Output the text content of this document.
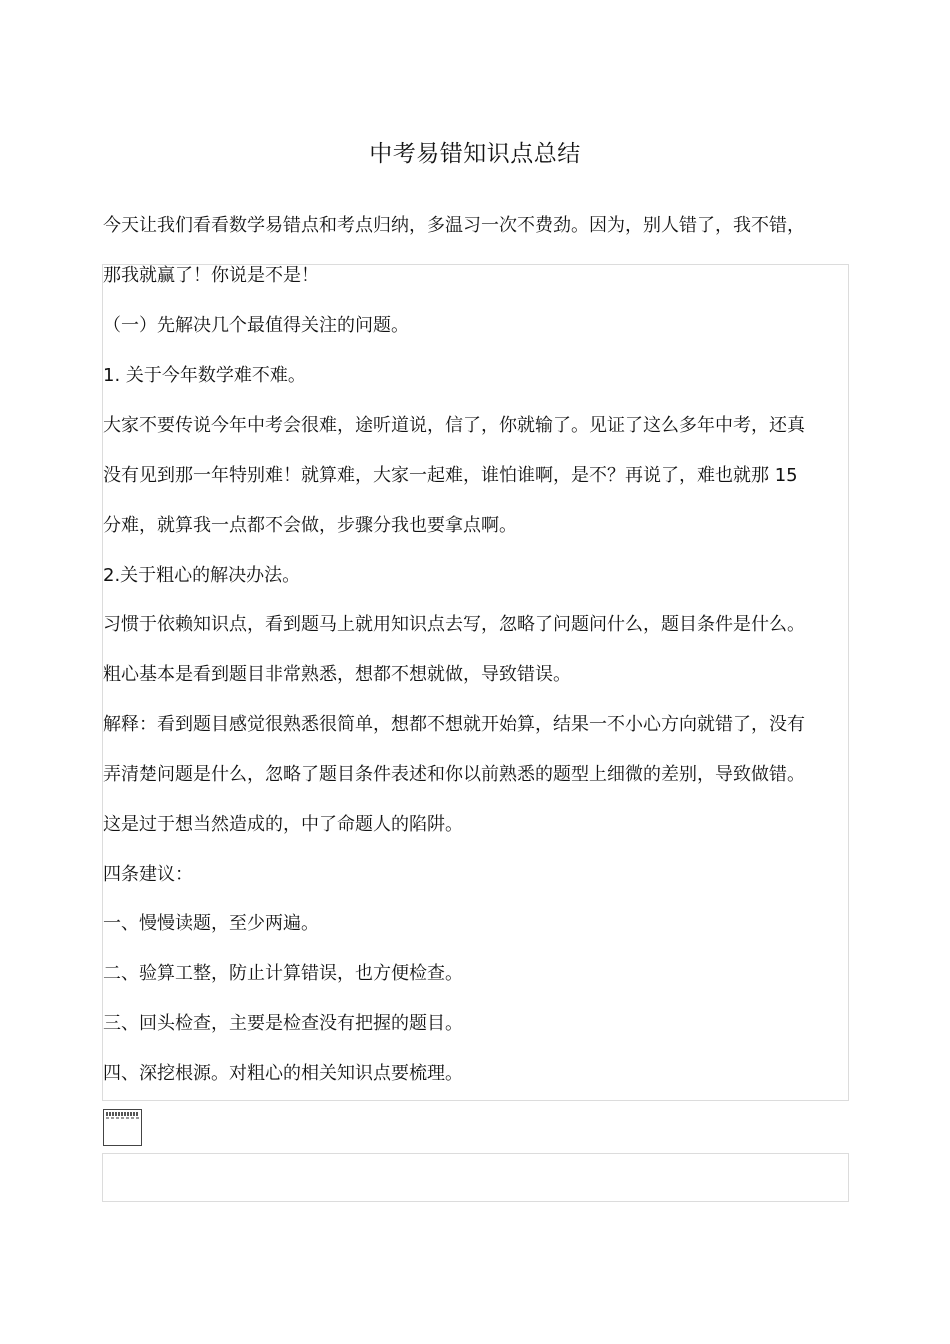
中考易错知识点总结
今天让我们看看数学易错点和考点归纳，多温习一次不费劲。因为，别人错了，我不错，
那我就赢了！你说是不是！
（一）先解决几个最值得关注的问题。
1. 关于今年数学难不难。
大家不要传说今年中考会很难，途听道说，信了，你就输了。见证了这么多年中考，还真
没有见到那一年特别难！就算难，大家一起难，谁怕谁啊，是不？再说了，难也就那 15
分难，就算我一点都不会做，步骤分我也要拿点啊。
2.关于粗心的解决办法。
习惯于依赖知识点，看到题马上就用知识点去写，忽略了问题问什么，题目条件是什么。
粗心基本是看到题目非常熟悉，想都不想就做，导致错误。
解释：看到题目感觉很熟悉很简单，想都不想就开始算，结果一不小心方向就错了，没有
弄清楚问题是什么，忽略了题目条件表述和你以前熟悉的题型上细微的差别，导致做错。
这是过于想当然造成的，中了命题人的陷阱。
四条建议：
一、慢慢读题，至少两遍。
二、验算工整，防止计算错误，也方便检查。
三、回头检查，主要是检查没有把握的题目。
四、深挖根源。对粗心的相关知识点要梳理。
